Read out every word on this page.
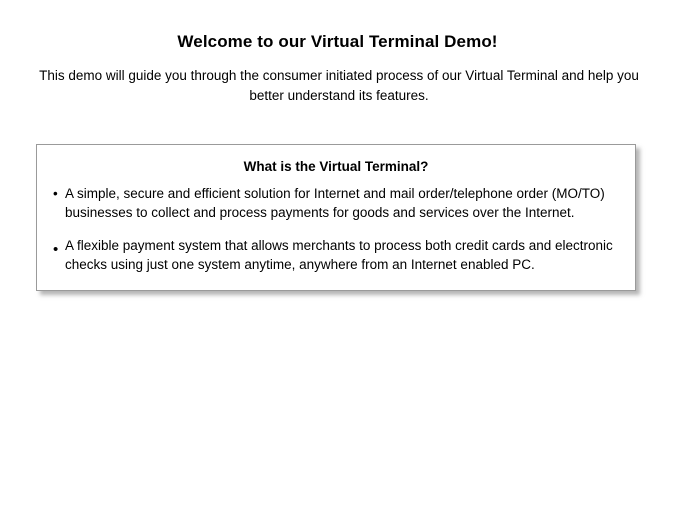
Welcome to our Virtual Terminal Demo!
This demo will guide you through the consumer initiated process of our Virtual Terminal and help you better understand its features.
What is the Virtual Terminal?
• A simple, secure and efficient solution for Internet and mail order/telephone order (MO/TO) businesses to collect and process payments for goods and services over the Internet.
• A flexible payment system that allows merchants to process both credit cards and electronic checks using just one system anytime, anywhere from an Internet enabled PC.
